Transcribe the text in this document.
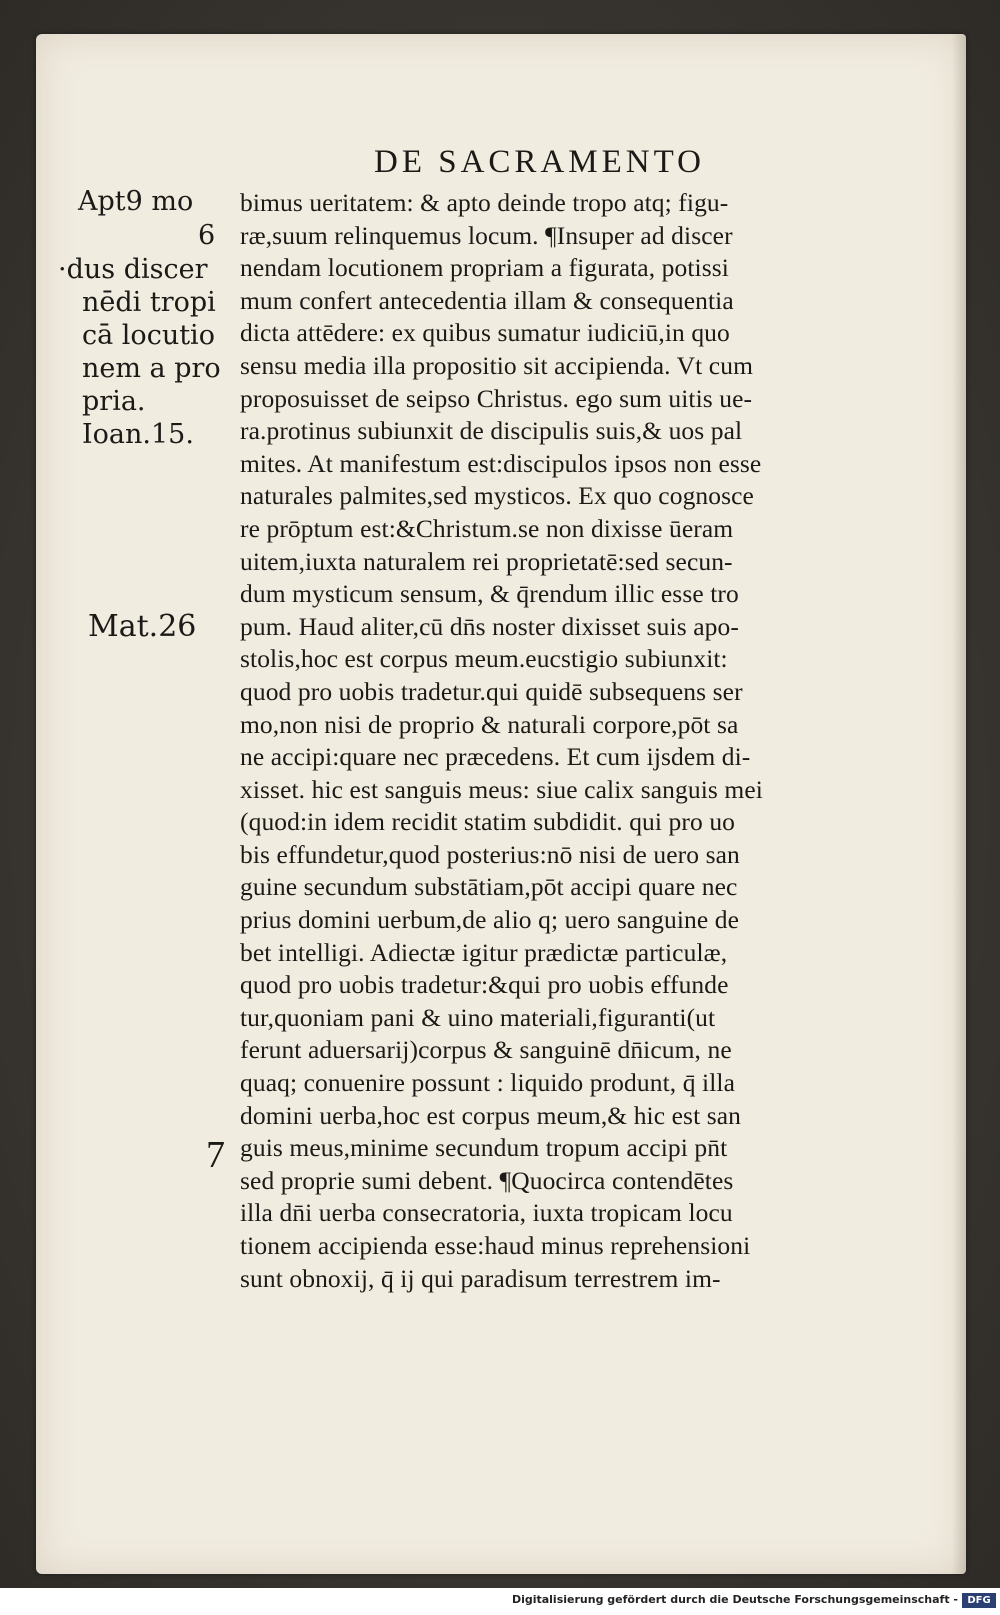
DE SACRAMENTO
Apt9 mo
6
·dus discer
nēdi tropi
cā locutio
nem a pro
pria.
Ioan.15.
Mat.26
bimus ueritatem: & apto deinde tropo atq; figu-
ræ,suum relinquemus locum. ¶Insuper ad discer
nendam locutionem propriam a figurata, potissi
mum confert antecedentia illam & consequentia
dicta attēdere: ex quibus sumatur iudiciū,in quo
sensu media illa propositio sit accipienda. Vt cum
proposuisset de seipso Christus. ego sum uitis ue-
ra.protinus subiunxit de discipulis suis,& uos pal
mites. At manifestum est:discipulos ipsos non esse
naturales palmites,sed mysticos. Ex quo cognosce
re prōptum est:&Christum.se non dixisse ūeram
uitem,iuxta naturalem rei proprietatē:sed secun-
dum mysticum sensum, & q̄rendum illic esse tro
pum. Haud aliter,cū dn̄s noster dixisset suis apo-
stolis,hoc est corpus meum.eucstigio subiunxit:
quod pro uobis tradetur.qui quidē subsequens ser
mo,non nisi de proprio & naturali corpore,pōt sa
ne accipi:quare nec præcedens. Et cum ijsdem di-
xisset. hic est sanguis meus: siue calix sanguis mei
(quod:in idem recidit statim subdidit. qui pro uo
bis effundetur,quod posterius:nō nisi de uero san
guine secundum substātiam,pōt accipi quare nec
prius domini uerbum,de alio q; uero sanguine de
bet intelligi. Adiectæ igitur prædictæ particulæ,
quod pro uobis tradetur:&qui pro uobis effunde
tur,quoniam pani & uino materiali,figuranti(ut
ferunt aduersarij)corpus & sanguinē dn̄icum, ne
quaq; conuenire possunt : liquido produnt, q̄ illa
domini uerba,hoc est corpus meum,& hic est san
guis meus,minime secundum tropum accipi pn̄t
sed proprie sumi debent. ¶Quocirca contendētes
illa dn̄i uerba consecratoria, iuxta tropicam locu
tionem accipienda esse:haud minus reprehensioni
sunt obnoxij, q̄ ij qui paradisum terrestrem im-
7
Digitalisierung gefördert durch die Deutsche Forschungsgemeinschaft - DFG
